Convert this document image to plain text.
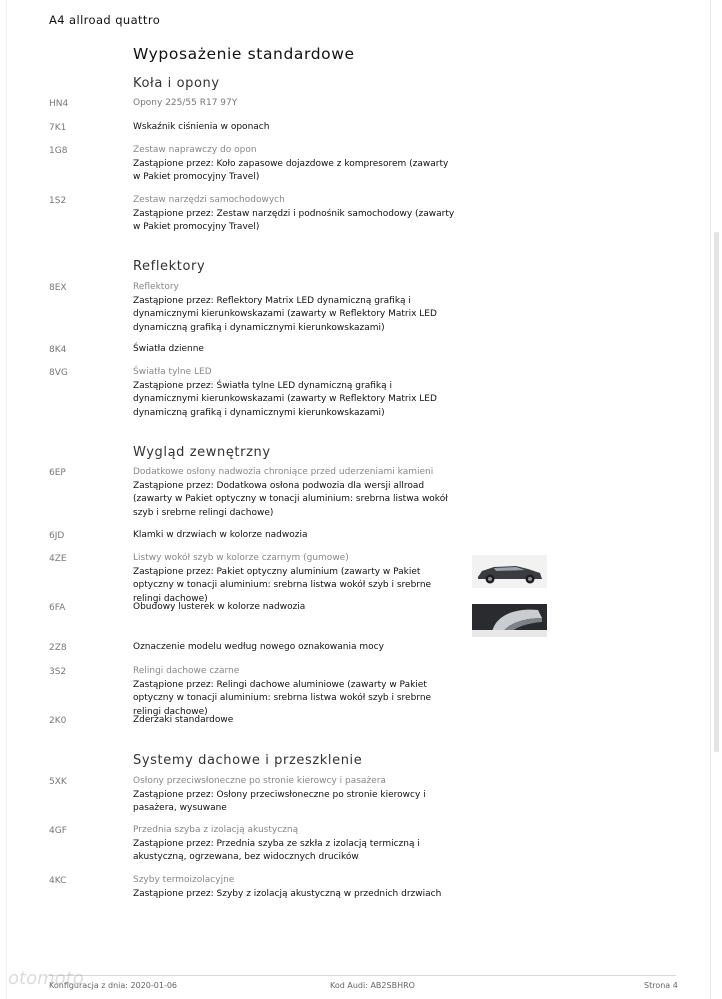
A4 allroad quattro
Wyposażenie standardowe
Koła i opony
HN4	Opony 225/55 R17 97Y
7K1	Wskaźnik ciśnienia w oponach
1G8	Zestaw naprawczy do opon
Zastąpione przez: Koło zapasowe dojazdowe z kompresorem (zawarty w Pakiet promocyjny Travel)
1S2	Zestaw narzędzi samochodowych
Zastąpione przez: Zestaw narzędzi i podnośnik samochodowy (zawarty w Pakiet promocyjny Travel)
Reflektory
8EX	Reflektory
Zastąpione przez: Reflektory Matrix LED dynamiczną grafiką i dynamicznymi kierunkowskazami (zawarty w Reflektory Matrix LED dynamiczną grafiką i dynamicznymi kierunkowskazami)
8K4	Światła dzienne
8VG	Światła tylne LED
Zastąpione przez: Światła tylne LED dynamiczną grafiką i dynamicznymi kierunkowskazami (zawarty w Reflektory Matrix LED dynamiczną grafiką i dynamicznymi kierunkowskazami)
Wygląd zewnętrzny
6EP	Dodatkowe osłony nadwozia chroniące przed uderzeniami kamieni
Zastąpione przez: Dodatkowa osłona podwozia dla wersji allroad (zawarty w Pakiet optyczny w tonacji aluminium: srebrna listwa wokół szyb i srebrne relingi dachowe)
6JD	Klamki w drzwiach w kolorze nadwozia
4ZE	Listwy wokół szyb w kolorze czarnym (gumowe)
Zastąpione przez: Pakiet optyczny aluminium (zawarty w Pakiet optyczny w tonacji aluminium: srebrna listwa wokół szyb i srebrne relingi dachowe)
6FA	Obudowy lusterek w kolorze nadwozia
2Z8	Oznaczenie modelu według nowego oznakowania mocy
3S2	Relingi dachowe czarne
Zastąpione przez: Relingi dachowe aluminiowe (zawarty w Pakiet optyczny w tonacji aluminium: srebrna listwa wokół szyb i srebrne relingi dachowe)
2K0	Zderzaki standardowe
Systemy dachowe i przeszklenie
5XK	Osłony przeciwsłoneczne po stronie kierowcy i pasażera
Zastąpione przez: Osłony przeciwsłoneczne po stronie kierowcy i pasażera, wysuwane
4GF	Przednia szyba z izolacją akustyczną
Zastąpione przez: Przednia szyba ze szkła z izolacją termiczną i akustyczną, ogrzewana, bez widocznych drucików
4KC	Szyby termoizolacyjne
Zastąpione przez: Szyby z izolacją akustyczną w przednich drzwiach
otomoto
Konfiguracja z dnia: 2020-01-06	Kod Audi: AB2SBHRO	Strona 4
